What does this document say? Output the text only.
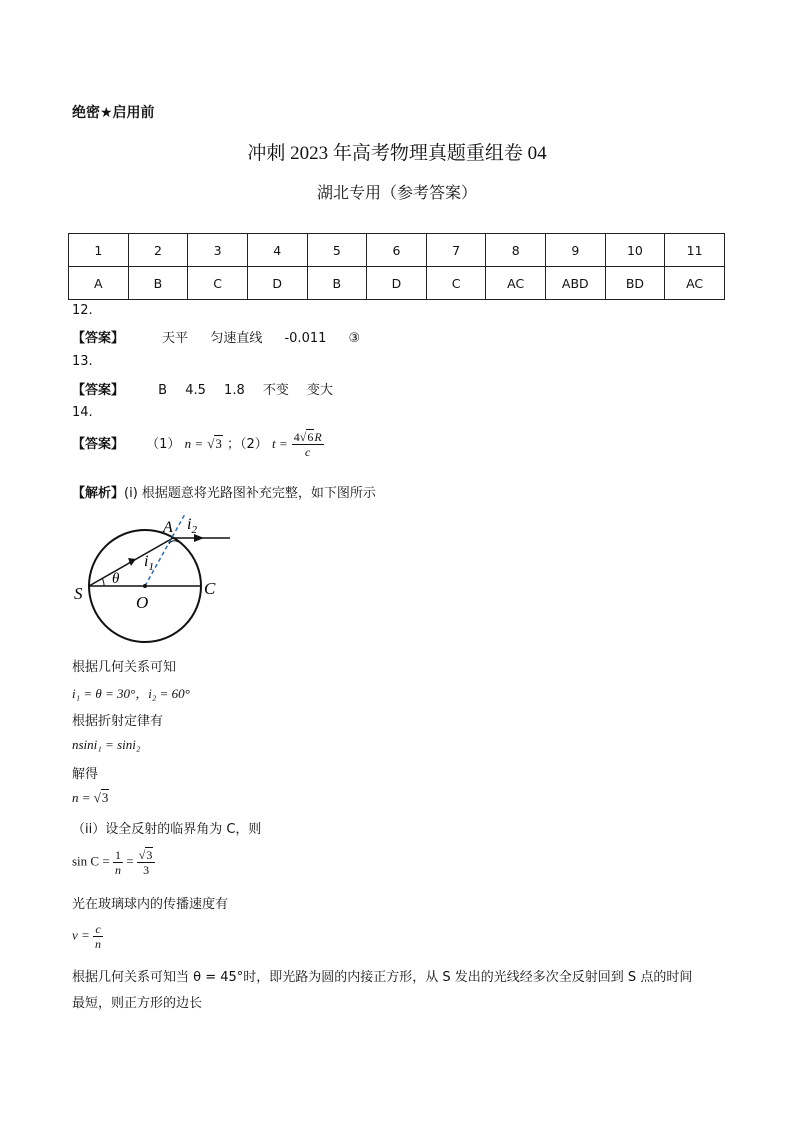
绝密★启用前
冲刺 2023 年高考物理真题重组卷 04
湖北专用（参考答案）
1	2	3	4	5	6	7	8	9	10	11
A	B	C	D	B	D	C	AC	ABD	BD	AC
12.
【答案】	天平 匀速直线 -0.011 ③
13.
【答案】	B 4.5 1.8 不变 变大
14.
【答案】 （1） n = √3 ；（2） $t = \frac{4√6R}{c}$
【解析】(i) 根据题意将光路图补充完整，如下图所示
A $i_2$
$i_1$
θ
S	O
C
根据几何关系可知
i₁ = θ = 30°，i₂ = 60°
根据折射定律有
nsini₁ = sini₂
解得
n = √3
（ii）设全反射的临界角为 C，则
$\sin C = \frac{1}{n} = \frac{√3}{3}$
光在玻璃球内的传播速度有
$v = \frac{c}{n}$
根据几何关系可知当 θ = 45°时，即光路为圆的内接正方形，从 S 发出的光线经多次全反射回到 S 点的时间
最短，则正方形的边长
